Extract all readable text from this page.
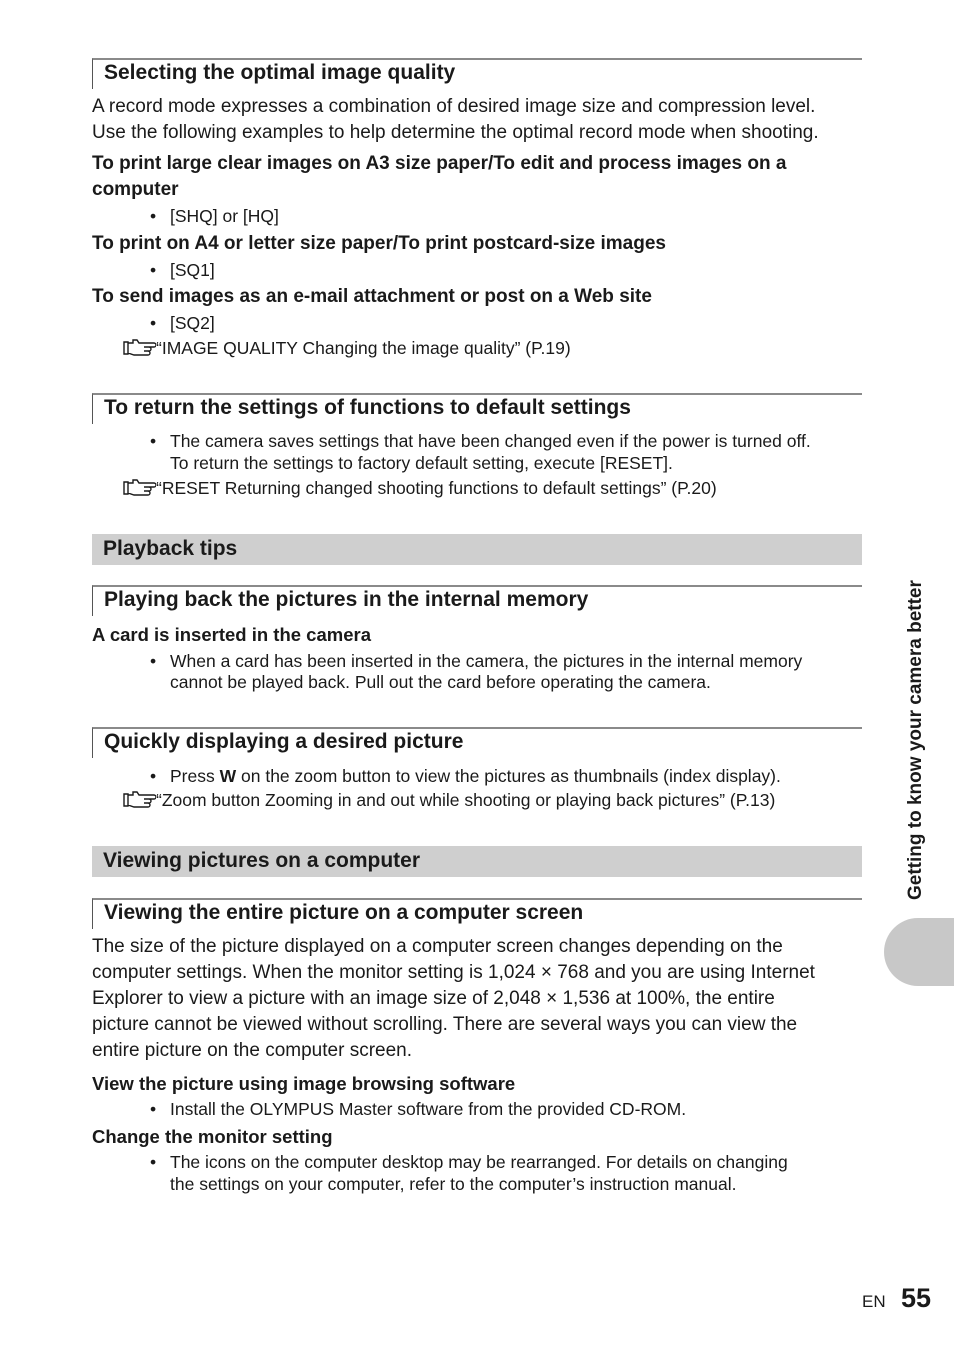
Selecting the optimal image quality
A record mode expresses a combination of desired image size and compression level.
Use the following examples to help determine the optimal record mode when shooting.
To print large clear images on A3 size paper/To edit and process images on a
computer
• [SHQ] or [HQ]
To print on A4 or letter size paper/To print postcard-size images
• [SQ1]
To send images as an e-mail attachment or post on a Web site
• [SQ2]
“IMAGE QUALITY Changing the image quality” (P.19)
To return the settings of functions to default settings
• The camera saves settings that have been changed even if the power is turned off.
To return the settings to factory default setting, execute [RESET].
“RESET Returning changed shooting functions to default settings” (P.20)
Playback tips
Playing back the pictures in the internal memory
A card is inserted in the camera
• When a card has been inserted in the camera, the pictures in the internal memory
cannot be played back. Pull out the card before operating the camera.
Quickly displaying a desired picture
• Press W on the zoom button to view the pictures as thumbnails (index display).
“Zoom button Zooming in and out while shooting or playing back pictures” (P.13)
Viewing pictures on a computer
Viewing the entire picture on a computer screen
The size of the picture displayed on a computer screen changes depending on the
computer settings. When the monitor setting is 1,024 × 768 and you are using Internet
Explorer to view a picture with an image size of 2,048 × 1,536 at 100%, the entire
picture cannot be viewed without scrolling. There are several ways you can view the
entire picture on the computer screen.
View the picture using image browsing software
• Install the OLYMPUS Master software from the provided CD-ROM.
Change the monitor setting
• The icons on the computer desktop may be rearranged. For details on changing
the settings on your computer, refer to the computer’s instruction manual.
Getting to know your camera better
EN 55
